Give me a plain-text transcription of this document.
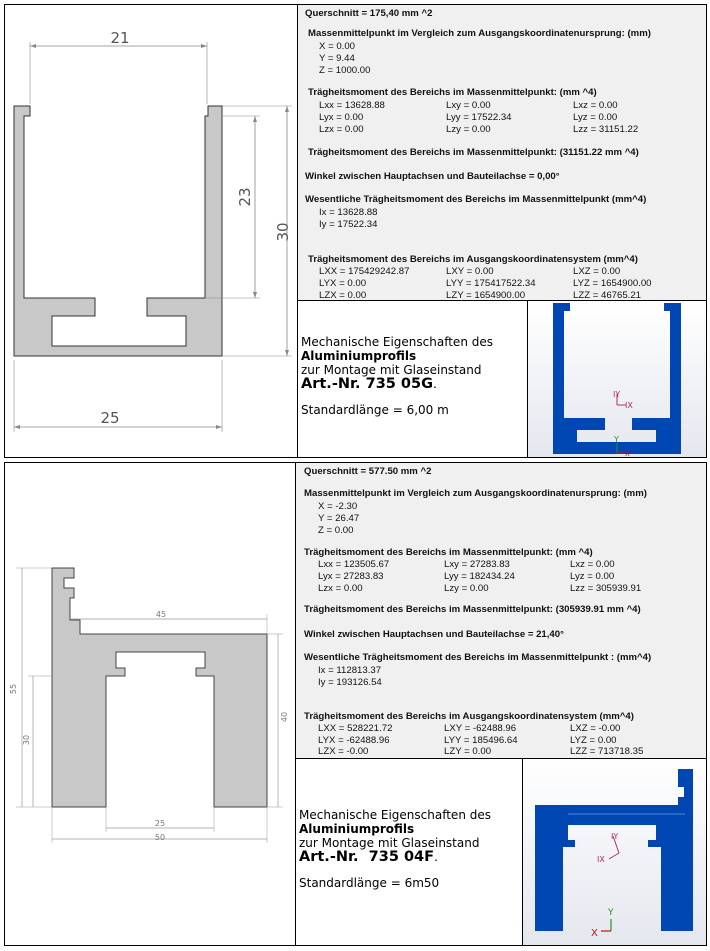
21
23
30
25
Querschnitt = 175,40 mm ^2
Massenmittelpunkt im Vergleich zum Ausgangskoordinatenursprung: (mm)
X = 0.00
Y = 9.44
Z = 1000.00
Trägheitsmoment des Bereichs im Massenmittelpunkt: (mm ^4)
Lxx = 13628.88	Lxy = 0.00	Lxz = 0.00
Lyx = 0.00	Lyy = 17522.34	Lyz = 0.00
Lzx = 0.00	Lzy = 0.00	Lzz = 31151.22
Trägheitsmoment des Bereichs im Massenmittelpunkt: (31151.22 mm ^4)
Winkel zwischen Hauptachsen und Bauteilachse = 0,00°
Wesentliche Trägheitsmoment des Bereichs im Massenmittelpunkt (mm^4)
Ix = 13628.88
Iy = 17522.34
Trägheitsmoment des Bereichs im Ausgangskoordinatensystem (mm^4)
LXX = 175429242.87	LXY = 0.00	LXZ = 0.00
LYX = 0.00	LYY = 175417522.34	LYZ = 1654900.00
LZX = 0.00	LZY = 1654900.00	LZZ = 46765.21
Mechanische Eigenschaften des
Aluminiumprofils
zur Montage mit Glaseinstand
Art.-Nr. 735 05G.
Standardlänge = 6,00 m
IY
IX
Y
X
55
30
45
40
25
50
Querschnitt = 577.50 mm ^2
Massenmittelpunkt im Vergleich zum Ausgangskoordinatenursprung: (mm)
X = -2.30
Y = 26.47
Z = 0.00
Trägheitsmoment des Bereichs im Massenmittelpunkt: (mm ^4)
Lxx = 123505.67	Lxy = 27283.83	Lxz = 0.00
Lyx = 27283.83	Lyy = 182434.24	Lyz = 0.00
Lzx = 0.00	Lzy = 0.00	Lzz = 305939.91
Trägheitsmoment des Bereichs im Massenmittelpunkt: (305939.91 mm ^4)
Winkel zwischen Hauptachsen und Bauteilachse = 21,40°
Wesentliche Trägheitsmoment des Bereichs im Massenmittelpunkt : (mm^4)
Ix = 112813.37
Iy = 193126.54
Trägheitsmoment des Bereichs im Ausgangskoordinatensystem (mm^4)
LXX = 528221.72	LXY = -62488.96	LXZ = -0.00
LYX = -62488.96	LYY = 185496.64	LYZ = 0.00
LZX = -0.00	LZY = 0.00	LZZ = 713718.35
Mechanische Eigenschaften des
Aluminiumprofils
zur Montage mit Glaseinstand
Art.-Nr.  735 04F.
Standardlänge = 6m50
IY
IX
Y
X
